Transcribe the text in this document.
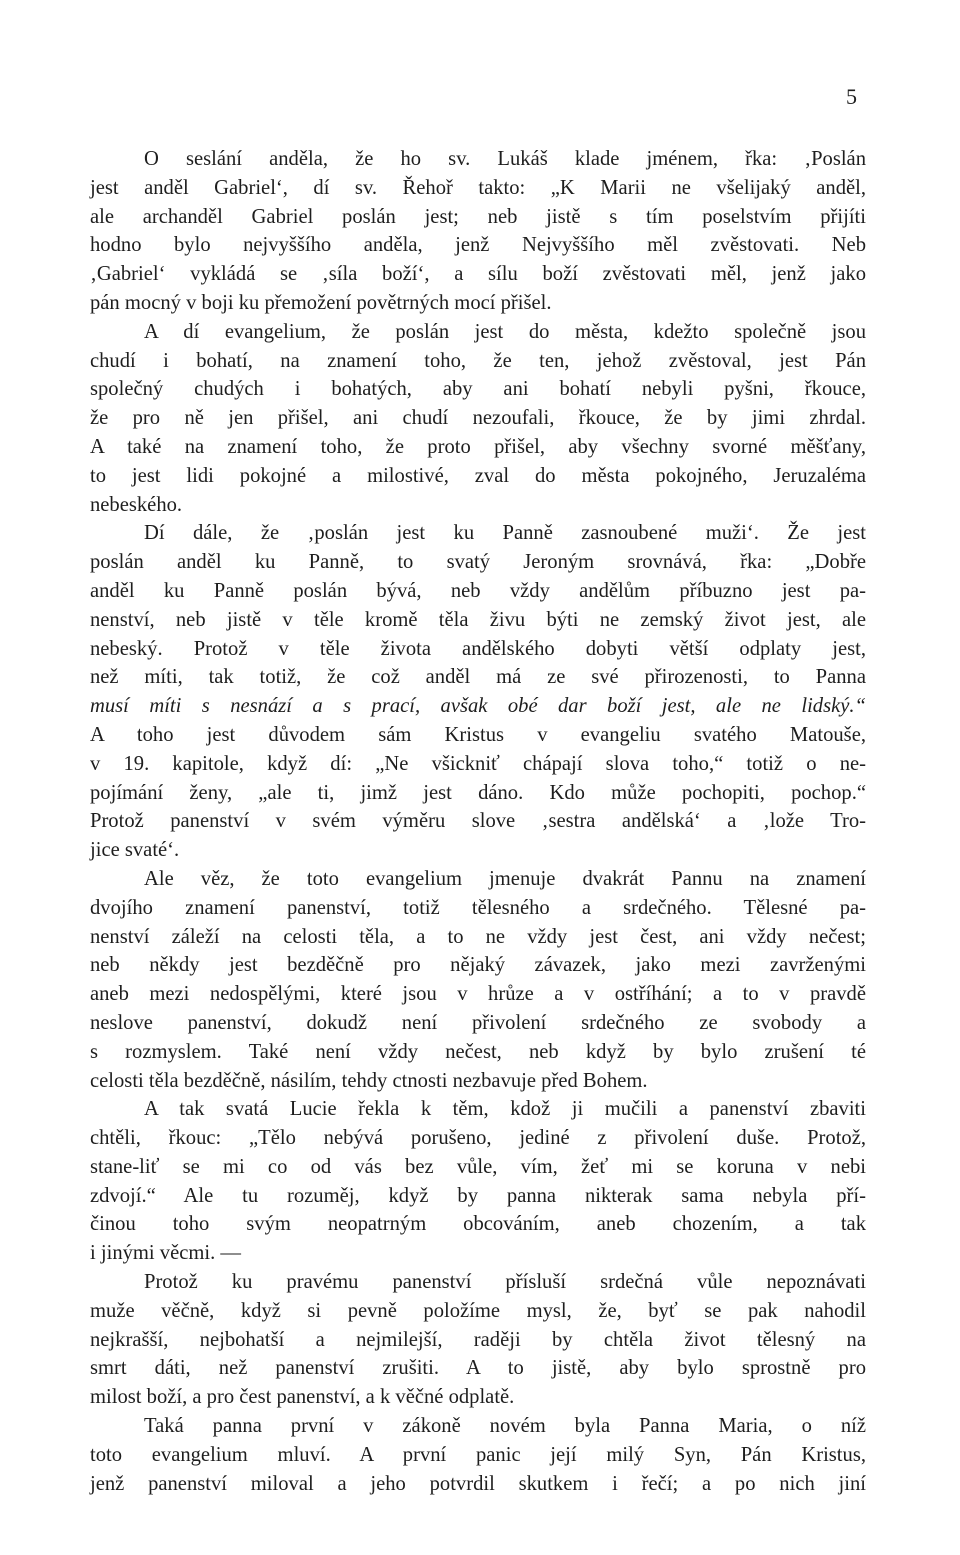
5
O seslání anděla, že ho sv. Lukáš klade jménem, řka: ‚Poslán
jest anděl Gabriel‘, dí sv. Řehoř takto: „K Marii ne všelijaký anděl,
ale archanděl Gabriel poslán jest; neb jistě s tím poselstvím přijíti
hodno bylo nejvyššího anděla, jenž Nejvyššího měl zvěstovati. Neb
‚Gabriel‘ vykládá se ‚síla boží‘, a sílu boží zvěstovati měl, jenž jako
pán mocný v boji ku přemožení povětrných mocí přišel.
A dí evangelium, že poslán jest do města, kdežto společně jsou
chudí i bohatí, na znamení toho, že ten, jehož zvěstoval, jest Pán
společný chudých i bohatých, aby ani bohatí nebyli pyšni, řkouce,
že pro ně jen přišel, ani chudí nezoufali, řkouce, že by jimi zhrdal.
A také na znamení toho, že proto přišel, aby všechny svorné měšťany,
to jest lidi pokojné a milostivé, zval do města pokojného, Jeruzaléma
nebeského.
Dí dále, že ‚poslán jest ku Panně zasnoubené muži‘. Že jest
poslán anděl ku Panně, to svatý Jeroným srovnává, řka: „Dobře
anděl ku Panně poslán bývá, neb vždy andělům příbuzno jest pa-
nenství, neb jistě v těle kromě těla živu býti ne zemský život jest, ale
nebeský. Protož v těle života andělského dobyti větší odplaty jest,
než míti, tak totiž, že což anděl má ze své přirozenosti, to Panna
musí míti s nesnází a s prací, avšak obé dar boží jest, ale ne lidský.“
A toho jest důvodem sám Kristus v evangeliu svatého Matouše,
v 19. kapitole, když dí: „Ne všickniť chápají slova toho,“ totiž o ne-
pojímání ženy, „ale ti, jimž jest dáno. Kdo může pochopiti, pochop.“
Protož panenství v svém výměru slove ‚sestra andělská‘ a ‚lože Tro-
jice svaté‘.
Ale věz, že toto evangelium jmenuje dvakrát Pannu na znamení
dvojího znamení panenství, totiž tělesného a srdečného. Tělesné pa-
nenství záleží na celosti těla, a to ne vždy jest čest, ani vždy nečest;
neb někdy jest bezděčně pro nějaký závazek, jako mezi zavrženými
aneb mezi nedospělými, které jsou v hrůze a v ostříhání; a to v pravdě
neslove panenství, dokudž není přivolení srdečného ze svobody a
s rozmyslem. Také není vždy nečest, neb když by bylo zrušení té
celosti těla bezděčně, násilím, tehdy ctnosti nezbavuje před Bohem.
A tak svatá Lucie řekla k těm, kdož ji mučili a panenství zbaviti
chtěli, řkouc: „Tělo nebývá porušeno, jediné z přivolení duše. Protož,
stane-liť se mi co od vás bez vůle, vím, žeť mi se koruna v nebi
zdvojí.“ Ale tu rozuměj, když by panna nikterak sama nebyla pří-
činou toho svým neopatrným obcováním, aneb chozením, a tak
i jinými věcmi. —
Protož ku pravému panenství přísluší srdečná vůle nepoznávati
muže věčně, když si pevně položíme mysl, že, byť se pak nahodil
nejkrašší, nejbohatší a nejmilejší, raději by chtěla život tělesný na
smrt dáti, než panenství zrušiti. A to jistě, aby bylo sprostně pro
milost boží, a pro čest panenství, a k věčné odplatě.
Taká panna první v zákoně novém byla Panna Maria, o níž
toto evangelium mluví. A první panic její milý Syn, Pán Kristus,
jenž panenství miloval a jeho potvrdil skutkem i řečí; a po nich jiní
